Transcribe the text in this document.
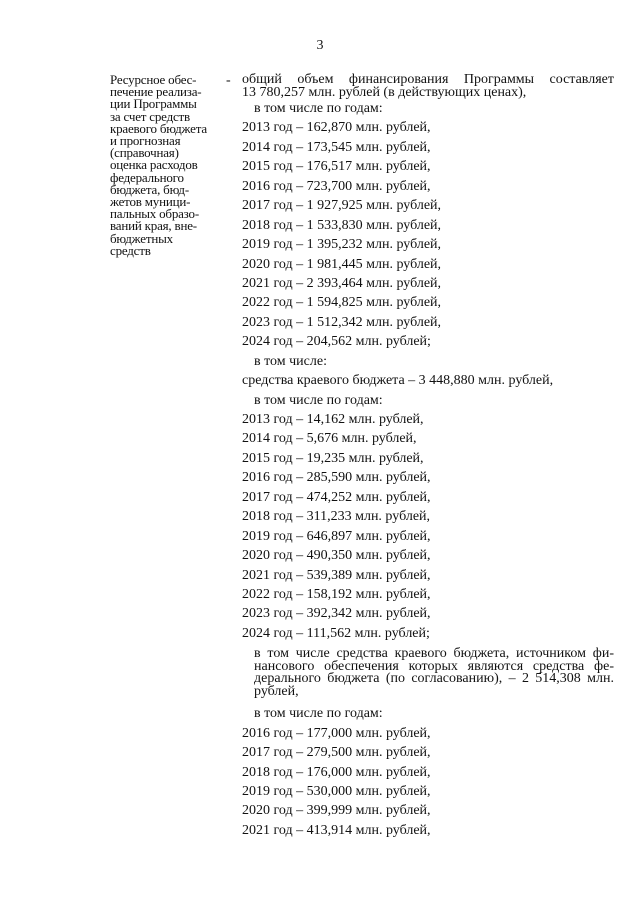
3
Ресурсное обес-
печение реализа-
ции Программы
за счет средств
краевого бюджета
и прогнозная
(справочная)
оценка расходов
федерального
бюджета, бюд-
жетов муници-
пальных образо-
ваний края, вне-
бюджетных
средств
- общий объем финансирования Программы составляет
13 780,257 млн. рублей (в действующих ценах),
в том числе по годам:
2013 год – 162,870 млн. рублей,
2014 год – 173,545 млн. рублей,
2015 год – 176,517 млн. рублей,
2016 год – 723,700 млн. рублей,
2017 год – 1 927,925 млн. рублей,
2018 год – 1 533,830 млн. рублей,
2019 год – 1 395,232 млн. рублей,
2020 год – 1 981,445 млн. рублей,
2021 год – 2 393,464 млн. рублей,
2022 год – 1 594,825 млн. рублей,
2023 год – 1 512,342 млн. рублей,
2024 год – 204,562 млн. рублей;
в том числе:
средства краевого бюджета – 3 448,880 млн. рублей,
в том числе по годам:
2013 год – 14,162 млн. рублей,
2014 год – 5,676 млн. рублей,
2015 год – 19,235 млн. рублей,
2016 год – 285,590 млн. рублей,
2017 год – 474,252 млн. рублей,
2018 год – 311,233 млн. рублей,
2019 год – 646,897 млн. рублей,
2020 год – 490,350 млн. рублей,
2021 год – 539,389 млн. рублей,
2022 год – 158,192 млн. рублей,
2023 год – 392,342 млн. рублей,
2024 год – 111,562 млн. рублей;
в том числе средства краевого бюджета, источником фи-
нансового обеспечения которых являются средства фе-
дерального бюджета (по согласованию), – 2 514,308 млн.
рублей,
в том числе по годам:
2016 год – 177,000 млн. рублей,
2017 год – 279,500 млн. рублей,
2018 год – 176,000 млн. рублей,
2019 год – 530,000 млн. рублей,
2020 год – 399,999 млн. рублей,
2021 год – 413,914 млн. рублей,
